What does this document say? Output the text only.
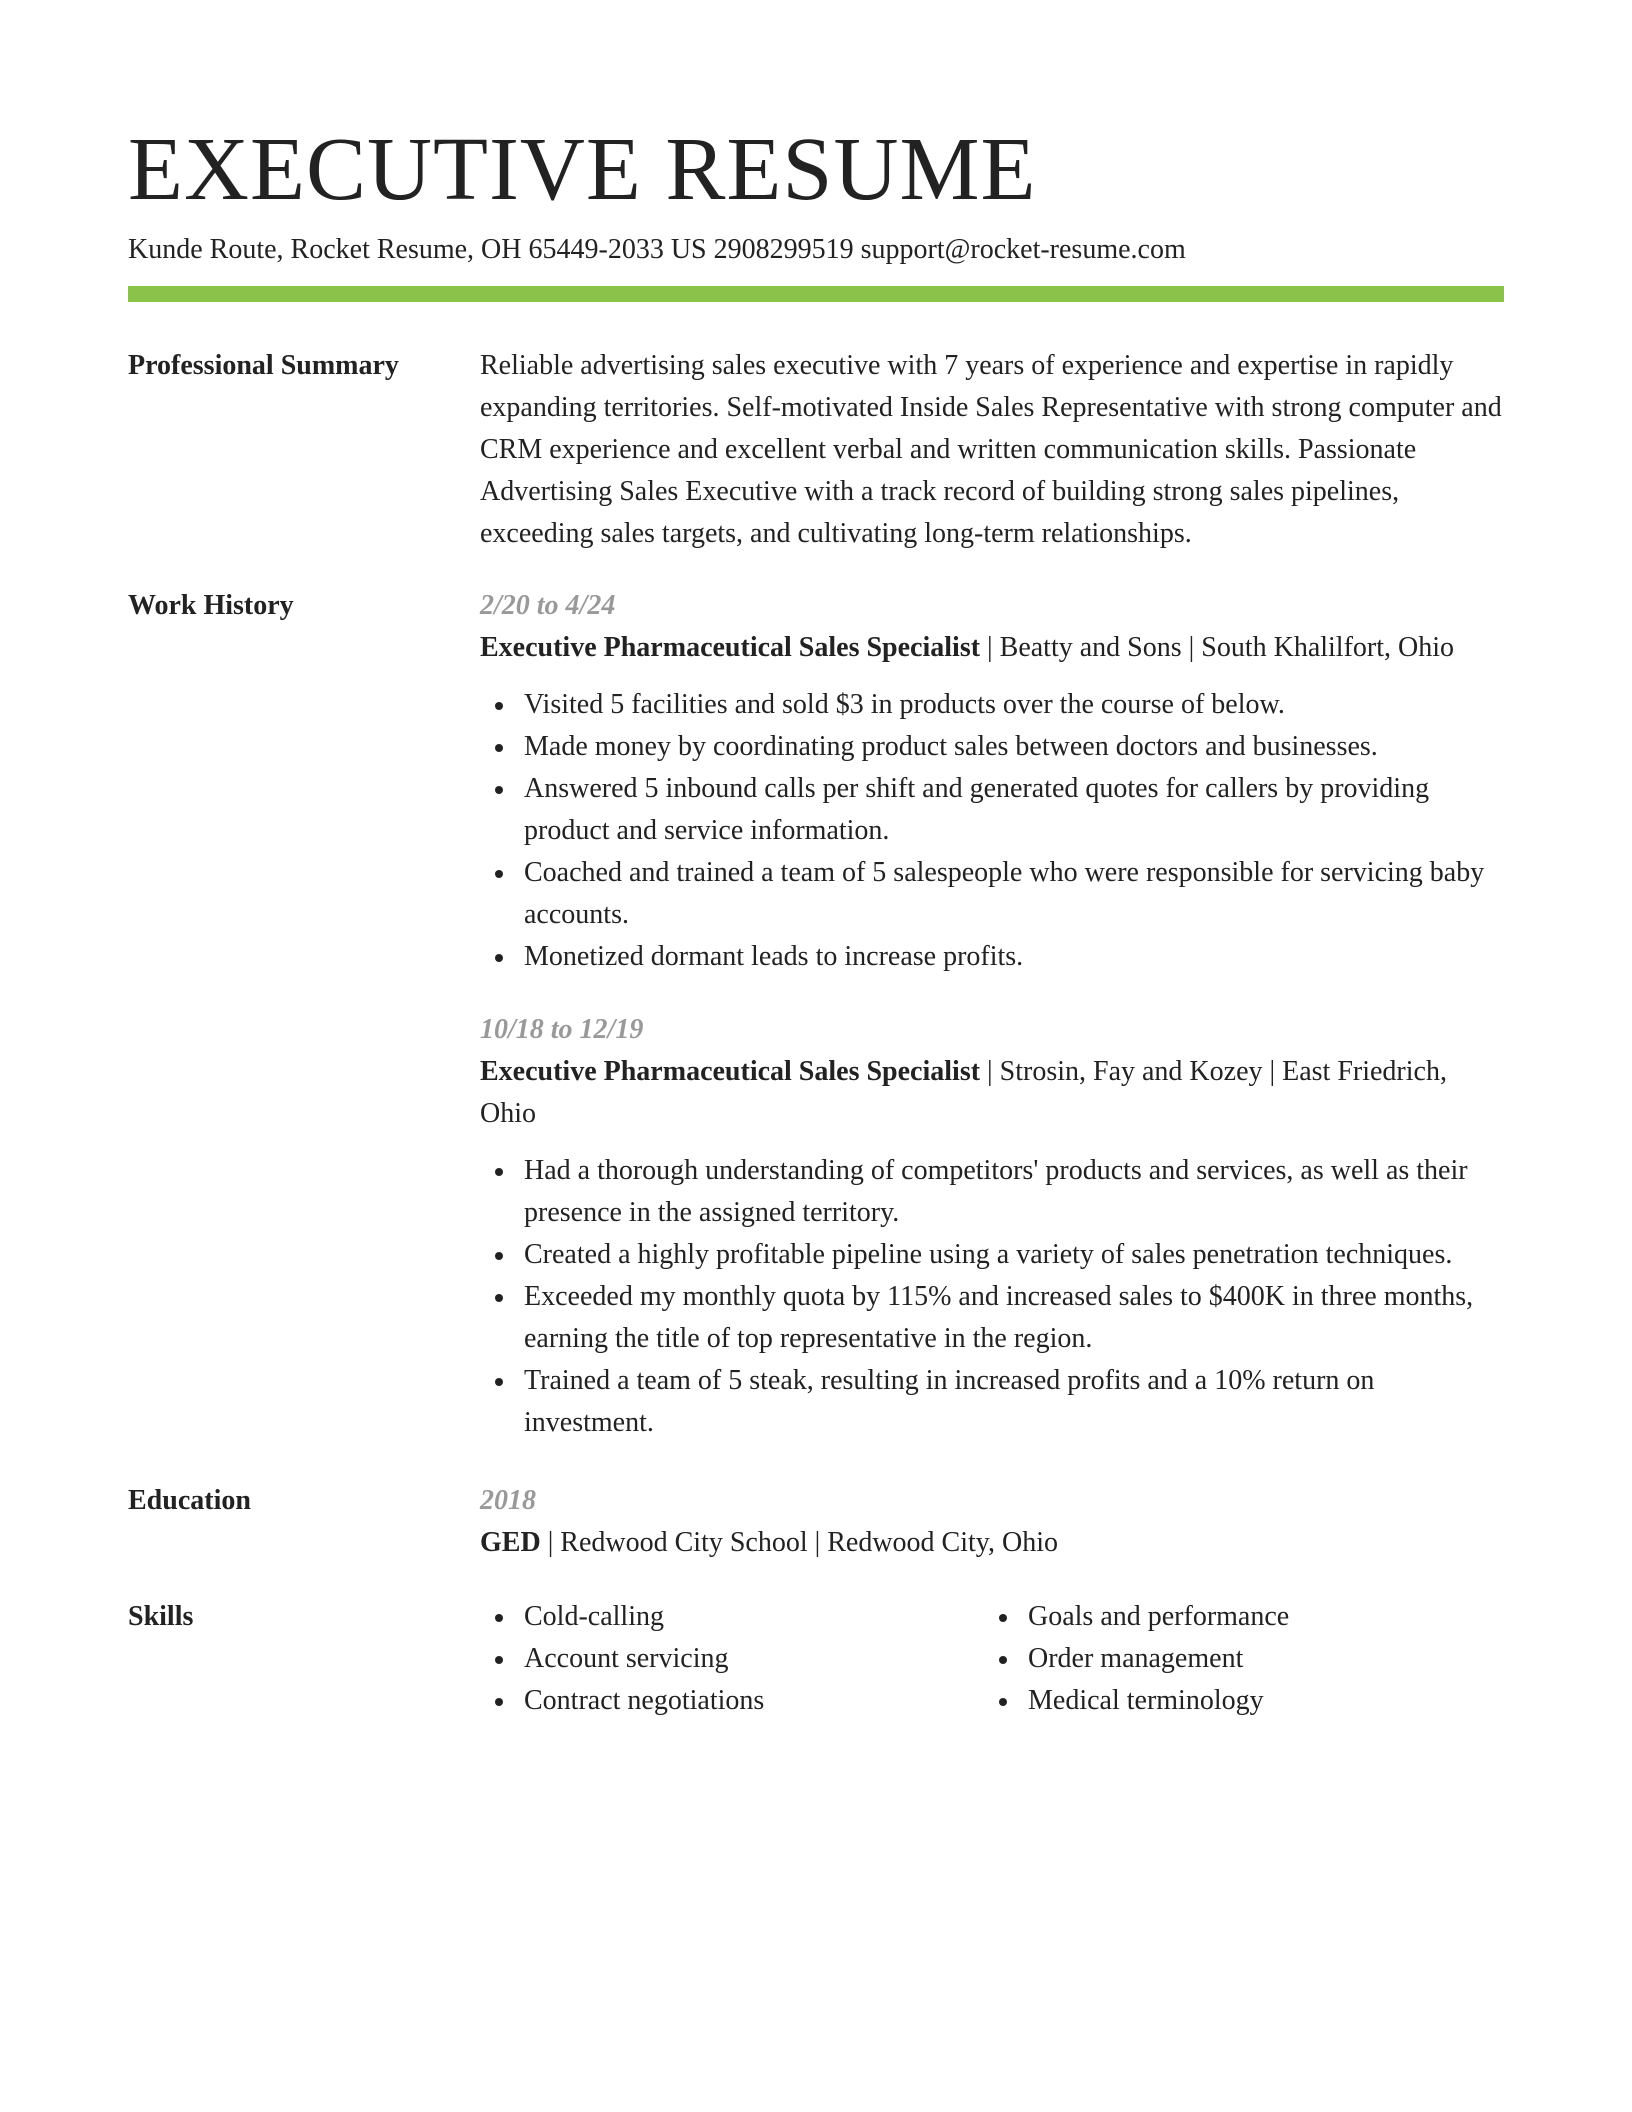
EXECUTIVE RESUME
Kunde Route, Rocket Resume, OH 65449-2033 US 2908299519 support@rocket-resume.com
Professional Summary	Reliable advertising sales executive with 7 years of experience and expertise in rapidly expanding territories. Self-motivated Inside Sales Representative with strong computer and CRM experience and excellent verbal and written communication skills. Passionate Advertising Sales Executive with a track record of building strong sales pipelines, exceeding sales targets, and cultivating long-term relationships.
Work History	2/20 to 4/24
Executive Pharmaceutical Sales Specialist | Beatty and Sons | South Khalilfort, Ohio
Visited 5 facilities and sold $3 in products over the course of below.
Made money by coordinating product sales between doctors and businesses.
Answered 5 inbound calls per shift and generated quotes for callers by providing product and service information.
Coached and trained a team of 5 salespeople who were responsible for servicing baby accounts.
Monetized dormant leads to increase profits.
10/18 to 12/19
Executive Pharmaceutical Sales Specialist | Strosin, Fay and Kozey | East Friedrich, Ohio
Had a thorough understanding of competitors' products and services, as well as their presence in the assigned territory.
Created a highly profitable pipeline using a variety of sales penetration techniques.
Exceeded my monthly quota by 115% and increased sales to $400K in three months, earning the title of top representative in the region.
Trained a team of 5 steak, resulting in increased profits and a 10% return on investment.
Education	2018
GED | Redwood City School | Redwood City, Ohio
Skills	Cold-calling
Account servicing
Contract negotiations
Goals and performance
Order management
Medical terminology
